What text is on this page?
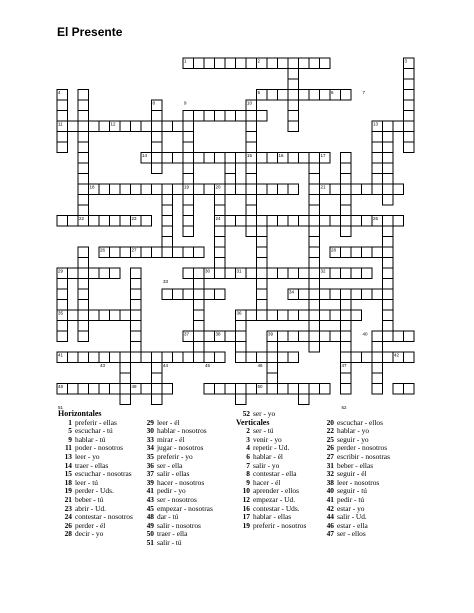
El Presente
1	2	3
4	5	6	7
8	9	10
11	12	13
14	15	16	17
18	19	20	21
22	23	24	25
26	27	28
29	30	31	32
33
34
35	36
37	38	39	40
41	42
43	44	45	46	47
48	49	50
51	52
Horizontales
1 preferir - ellas
5 escuchar - tú
9 hablar - tú
11 poder - nosotros
13 leer - yo
14 traer - ellas
15 escuchar - nosotras
18 leer - tú
19 perder - Uds.
21 beber - tú
23 abrir - Ud.
24 contestar - nosotros
26 perder - él
28 decir - yo
29 leer - él
30 hablar - nosotros
33 mirar - él
34 jugar - nosotros
35 preferir - yo
36 ser - ella
37 salir - ellas
39 hacer - nosotros
41 pedir - yo
43 ser - nosotros
45 empezar - nosotras
48 dar - tú
49 salir - nosotros
50 traer - ella
51 salir - tú
52 ser - yo
Verticales
2 ser - tú
3 venir - yo
4 repetir - Ud.
6 hablar - él
7 salir - yo
8 contestar - ella
9 hacer - él
10 aprender - ellos
12 empezar - Ud.
16 contestar - Uds.
17 hablar - ellas
19 preferir - nosotros
20 escuchar - ellos
22 hablar - yo
25 seguir - yo
26 perder - nosotros
27 escribir - nosotras
31 beber - ellas
32 seguir - él
38 leer - nosotros
40 seguir - tú
41 pedir - tú
42 estar - yo
44 salir - Ud.
46 estar - ella
47 ser - ellos
